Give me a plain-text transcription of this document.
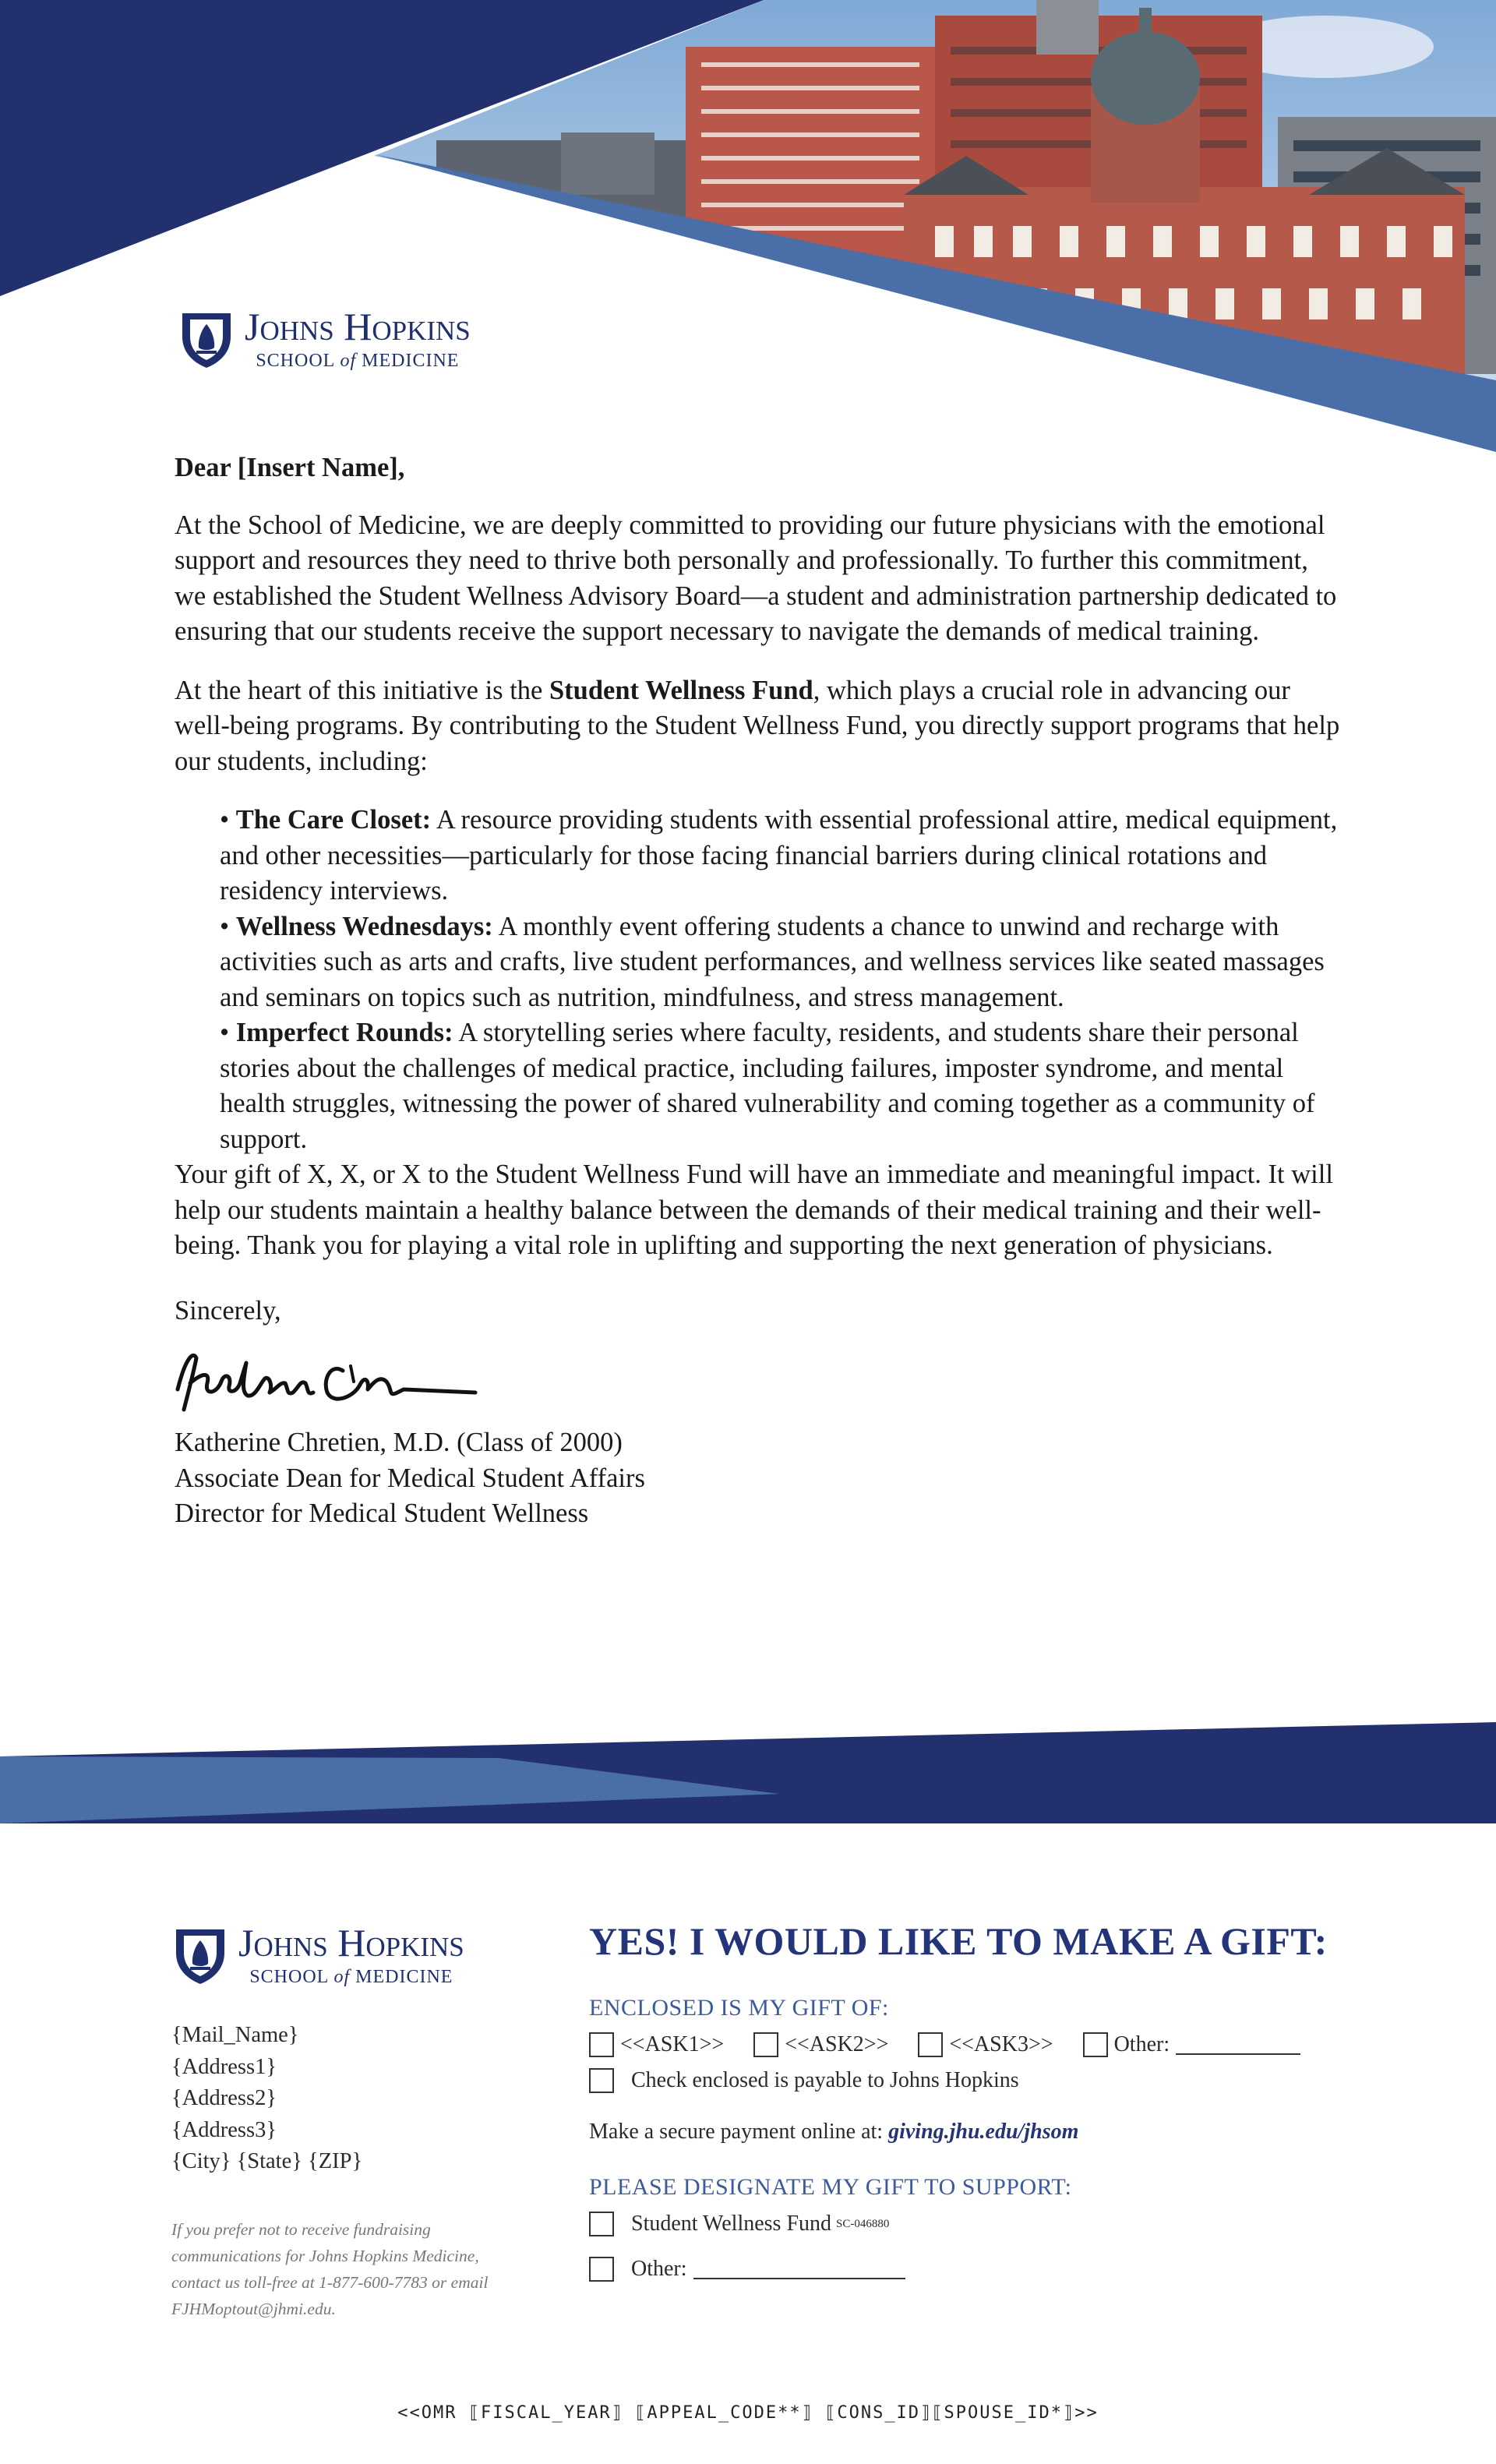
Johns Hopkins
SCHOOL of MEDICINE

Dear [Insert Name],

At the School of Medicine, we are deeply committed to providing our future physicians with the emotional support and resources they need to thrive both personally and professionally. To further this commitment, we established the Student Wellness Advisory Board—a student and administration partnership dedicated to ensuring that our students receive the support necessary to navigate the demands of medical training.

At the heart of this initiative is the Student Wellness Fund, which plays a crucial role in advancing our well-being programs. By contributing to the Student Wellness Fund, you directly support programs that help our students, including:

• The Care Closet: A resource providing students with essential professional attire, medical equipment, and other necessities—particularly for those facing financial barriers during clinical rotations and residency interviews.

• Wellness Wednesdays: A monthly event offering students a chance to unwind and recharge with activities such as arts and crafts, live student performances, and wellness services like seated massages and seminars on topics such as nutrition, mindfulness, and stress management.

• Imperfect Rounds: A storytelling series where faculty, residents, and students share their personal stories about the challenges of medical practice, including failures, imposter syndrome, and mental health struggles, witnessing the power of shared vulnerability and coming together as a community of support.

Your gift of X, X, or X to the Student Wellness Fund will have an immediate and meaningful impact. It will help our students maintain a healthy balance between the demands of their medical training and their well-being. Thank you for playing a vital role in uplifting and supporting the next generation of physicians.

Sincerely,

Katherine Chretien, M.D. (Class of 2000)

Associate Dean for Medical Student Affairs

Director for Medical Student Wellness

Johns Hopkins
SCHOOL of MEDICINE
{Mail_Name}
{Address1}
{Address2}
{Address3}
{City} {State} {ZIP}
If you prefer not to receive fundraising communications for Johns Hopkins Medicine, contact us toll-free at 1-877-600-7783 or email FJHMoptout@jhmi.edu.
YES! I WOULD LIKE TO MAKE A GIFT:
ENCLOSED IS MY GIFT OF:
<<ASK1>>	<<ASK2>>	<<ASK3>>	Other:
Check enclosed is payable to Johns Hopkins
Make a secure payment online at: giving.jhu.edu/jhsom
PLEASE DESIGNATE MY GIFT TO SUPPORT:
Student Wellness Fund SC-046880
Other:
<<OMR ⟦FISCAL_YEAR⟧ ⟦APPEAL_CODE**⟧ ⟦CONS_ID⟧⟦SPOUSE_ID*⟧>>
